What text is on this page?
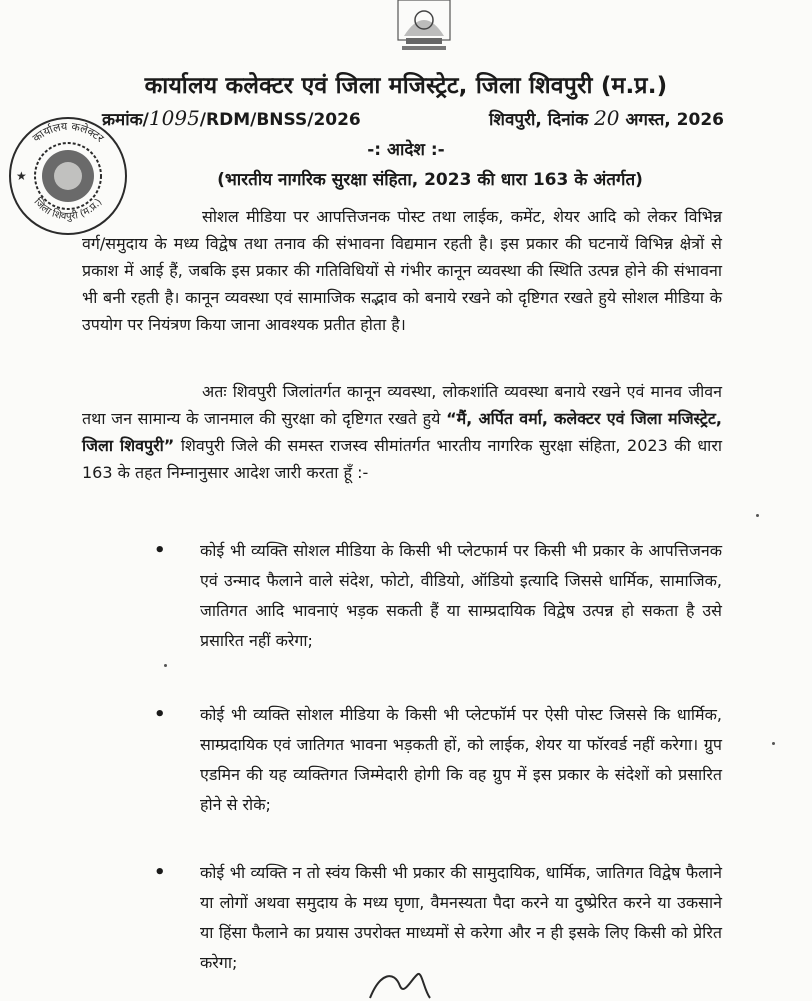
कार्यालय कलेक्टर एवं जिला मजिस्ट्रेट, जिला शिवपुरी (म.प्र.)
क्रमांक/1095/RDM/BNSS/2026	शिवपुरी, दिनांक 20 अगस्त, 2026
कार्यालय कलेक्टर
जिला शिवपुरी (म.प्र.)
★
-: आदेश :-
(भारतीय नागरिक सुरक्षा संहिता, 2023 की धारा 163 के अंतर्गत)

सोशल मीडिया पर आपत्तिजनक पोस्ट तथा लाईक, कमेंट, शेयर आदि को लेकर विभिन्न वर्ग/समुदाय के मध्य विद्वेष तथा तनाव की संभावना विद्यमान रहती है। इस प्रकार की घटनायें विभिन्न क्षेत्रों से प्रकाश में आई हैं, जबकि इस प्रकार की गतिविधियों से गंभीर कानून व्यवस्था की स्थिति उत्पन्न होने की संभावना भी बनी रहती है। कानून व्यवस्था एवं सामाजिक सद्भाव को बनाये रखने को दृष्टिगत रखते हुये सोशल मीडिया के उपयोग पर नियंत्रण किया जाना आवश्यक प्रतीत होता है।

अतः शिवपुरी जिलांतर्गत कानून व्यवस्था, लोकशांति व्यवस्था बनाये रखने एवं मानव जीवन तथा जन सामान्य के जानमाल की सुरक्षा को दृष्टिगत रखते हुये “मैं, अर्पित वर्मा, कलेक्टर एवं जिला मजिस्ट्रेट, जिला शिवपुरी” शिवपुरी जिले की समस्त राजस्व सीमांतर्गत भारतीय नागरिक सुरक्षा संहिता, 2023 की धारा 163 के तहत निम्नानुसार आदेश जारी करता हूँ :-

• कोई भी व्यक्ति सोशल मीडिया के किसी भी प्लेटफार्म पर किसी भी प्रकार के आपत्तिजनक एवं उन्माद फैलाने वाले संदेश, फोटो, वीडियो, ऑडियो इत्यादि जिससे धार्मिक, सामाजिक, जातिगत आदि भावनाएं भड़क सकती हैं या साम्प्रदायिक विद्वेष उत्पन्न हो सकता है उसे प्रसारित नहीं करेगा;
• कोई भी व्यक्ति सोशल मीडिया के किसी भी प्लेटफॉर्म पर ऐसी पोस्ट जिससे कि धार्मिक, साम्प्रदायिक एवं जातिगत भावना भड़कती हों, को लाईक, शेयर या फॉरवर्ड नहीं करेगा। ग्रुप एडमिन की यह व्यक्तिगत जिम्मेदारी होगी कि वह ग्रुप में इस प्रकार के संदेशों को प्रसारित होने से रोके;
• कोई भी व्यक्ति न तो स्वंय किसी भी प्रकार की सामुदायिक, धार्मिक, जातिगत विद्वेष फैलाने या लोगों अथवा समुदाय के मध्य घृणा, वैमनस्यता पैदा करने या दुष्प्रेरित करने या उकसाने या हिंसा फैलाने का प्रयास उपरोक्त माध्यमों से करेगा और न ही इसके लिए किसी को प्रेरित करेगा;
